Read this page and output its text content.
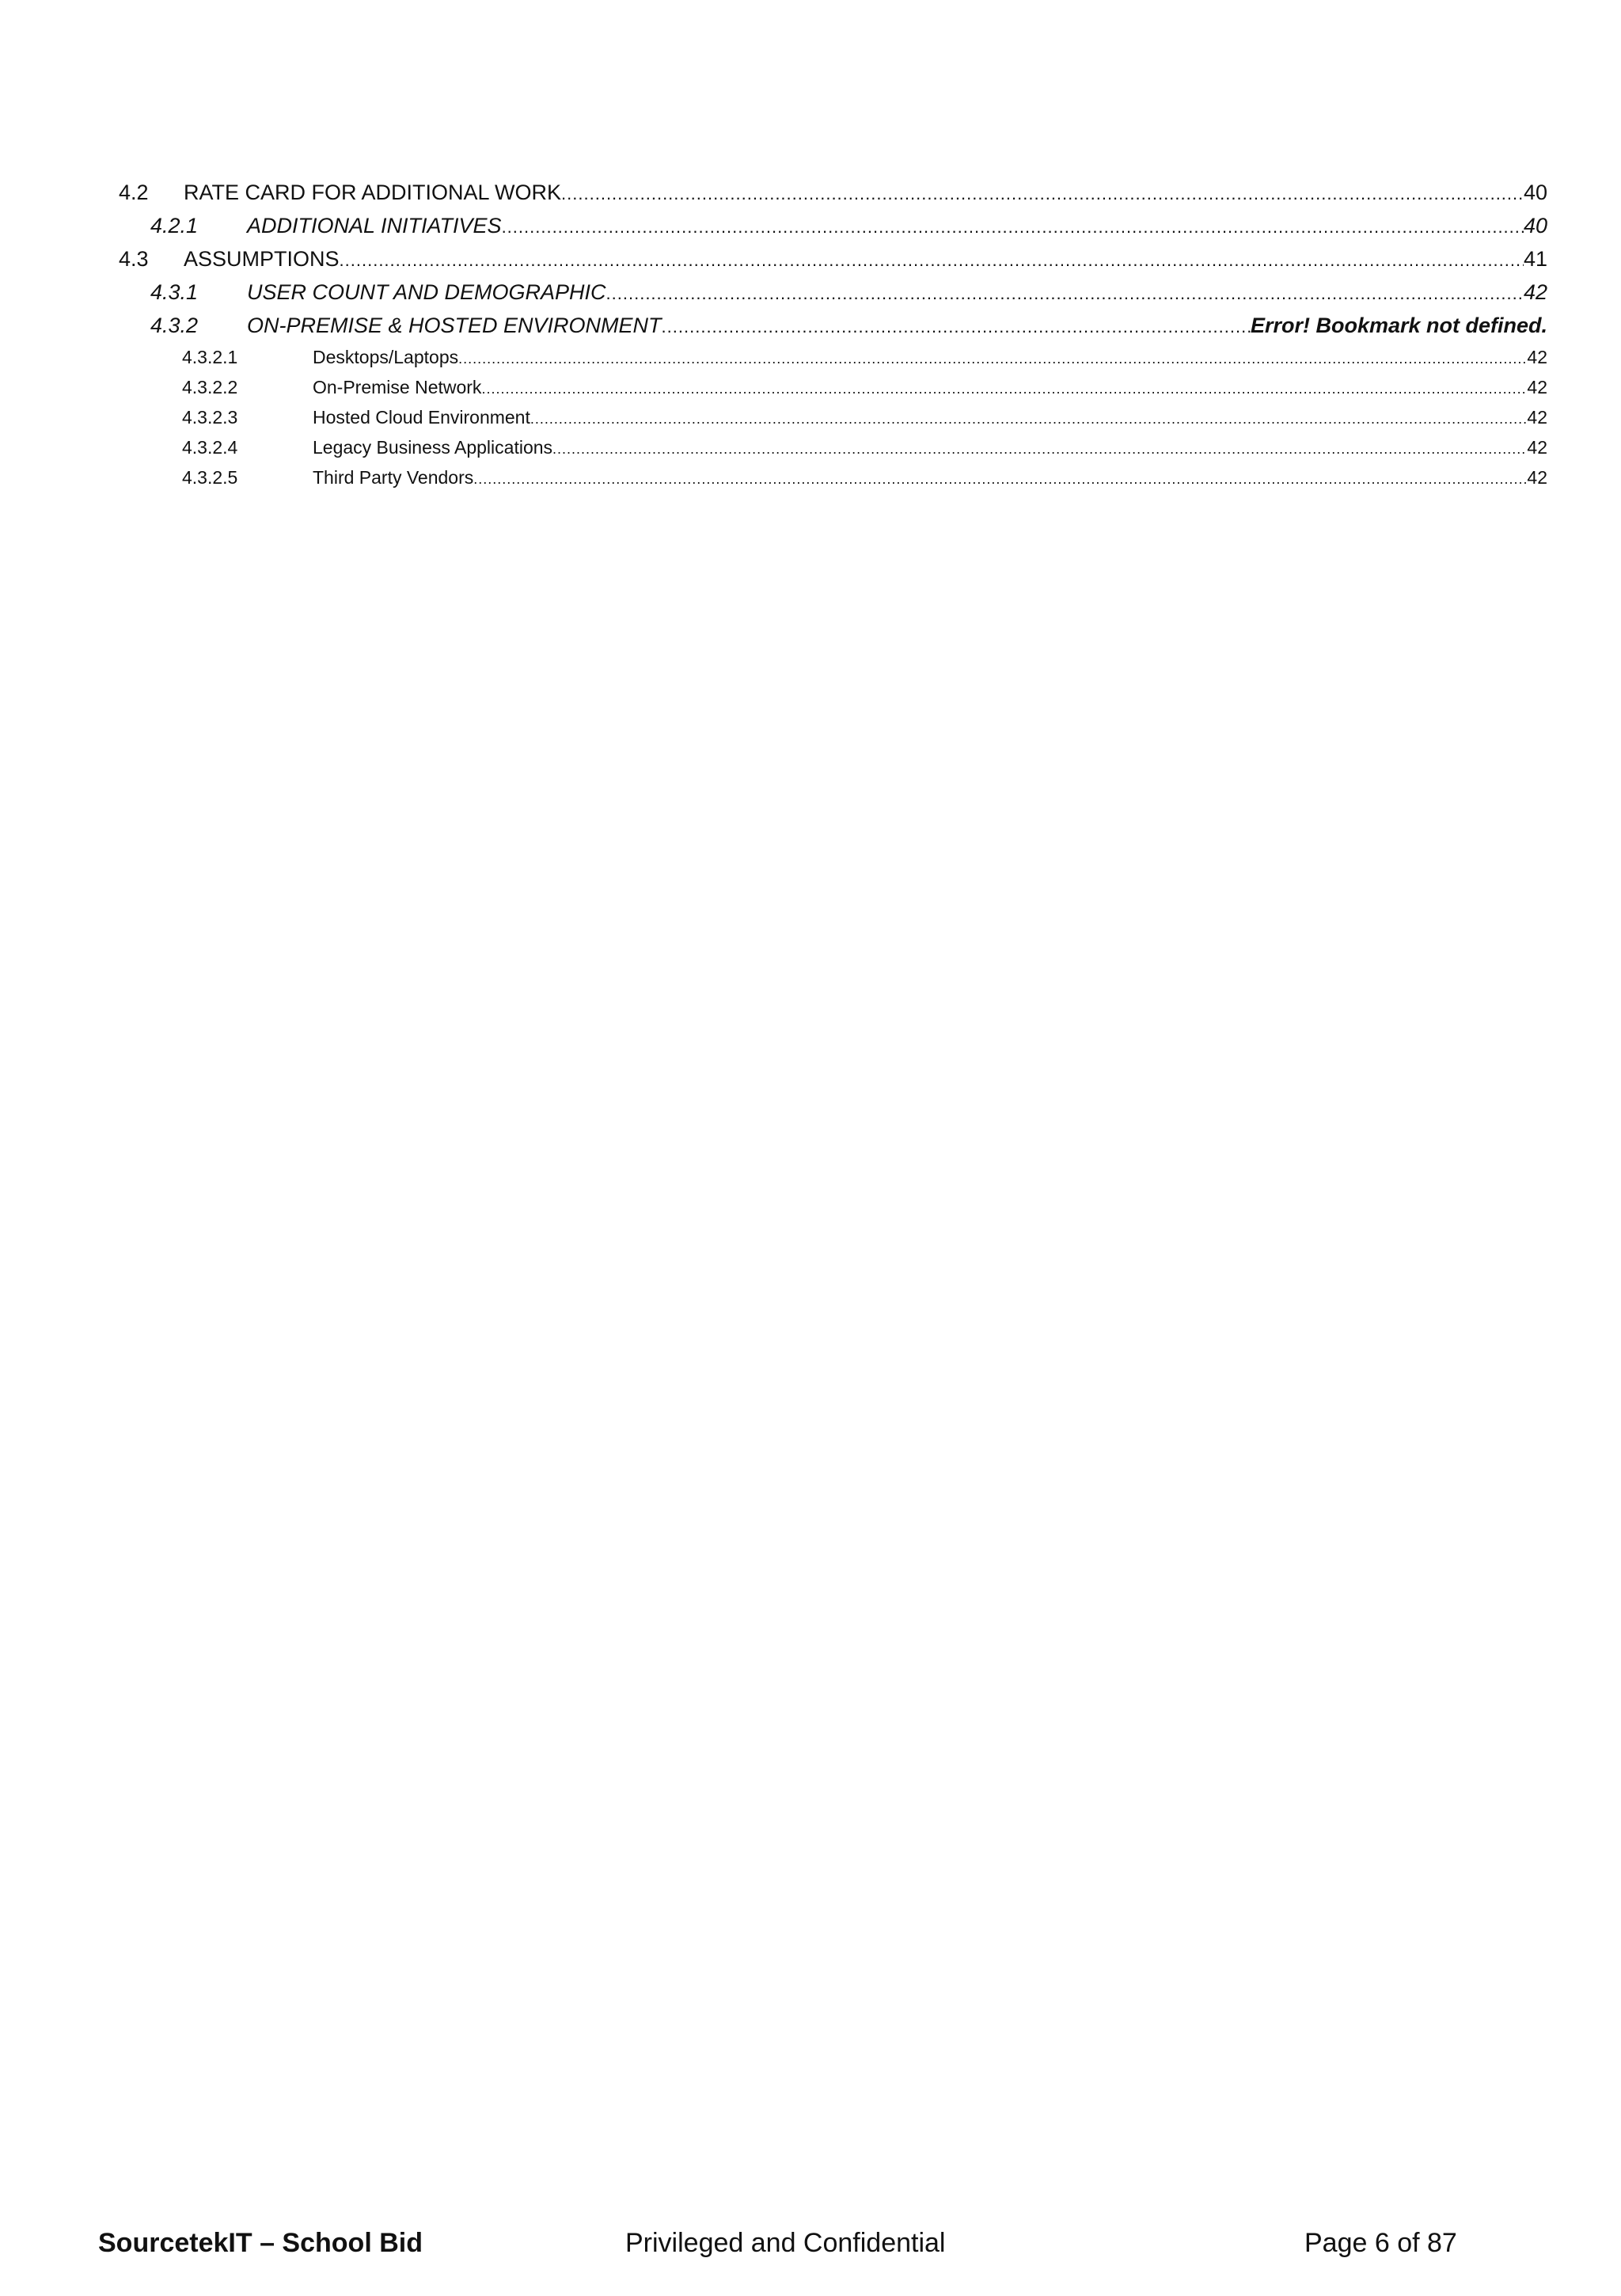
4.2	RATE CARD FOR ADDITIONAL WORK .....	40
4.2.1	ADDITIONAL INITIATIVES .....	40
4.3	ASSUMPTIONS .....	41
4.3.1	USER COUNT AND DEMOGRAPHIC .....	42
4.3.2	ON-PREMISE & HOSTED ENVIRONMENT .....	Error! Bookmark not defined.
4.3.2.1	Desktops/Laptops .....	42
4.3.2.2	On-Premise Network .....	42
4.3.2.3	Hosted Cloud Environment .....	42
4.3.2.4	Legacy Business Applications .....	42
4.3.2.5	Third Party Vendors .....	42
SourcetekIT – School Bid	Privileged and Confidential	Page 6 of 87
